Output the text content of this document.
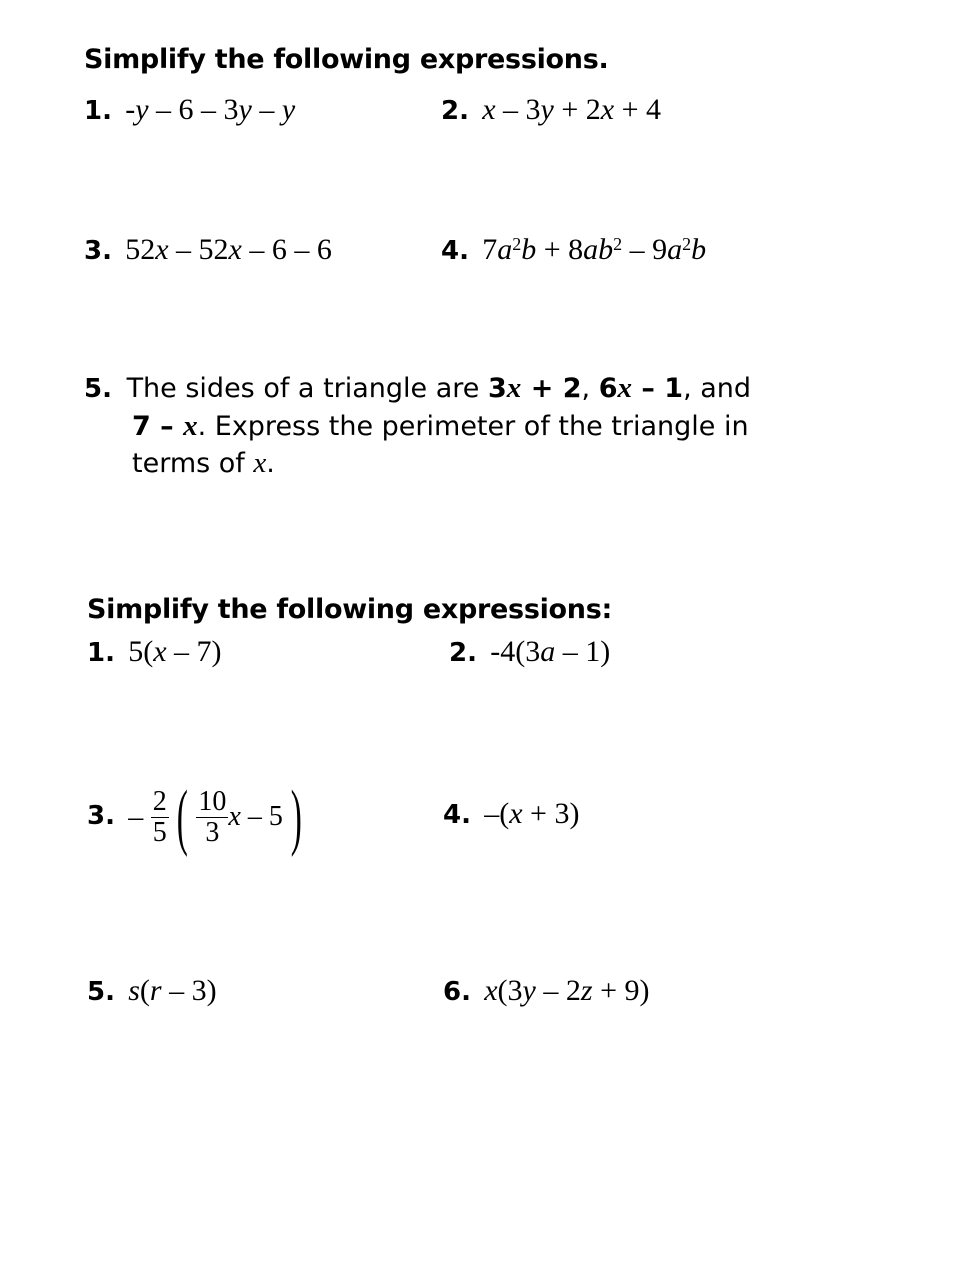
Simplify the following expressions.
1. -y – 6 – 3y – y	2. x – 3y + 2x + 4
3. 52x – 52x – 6 – 6	4. $7a^2b + 8ab^2 - 9a^2b$
5. The sides of a triangle are 3x + 2, 6x – 1, and
7 – x. Express the perimeter of the triangle in
terms of x.
Simplify the following expressions:
1. 5(x – 7)	2. -4(3a – 1)
3. – $\frac{2}{5}$ ( $\frac{10}{3}$ x – 5 )	4. –(x + 3)
5. s(r – 3)	6. x(3y – 2z + 9)
